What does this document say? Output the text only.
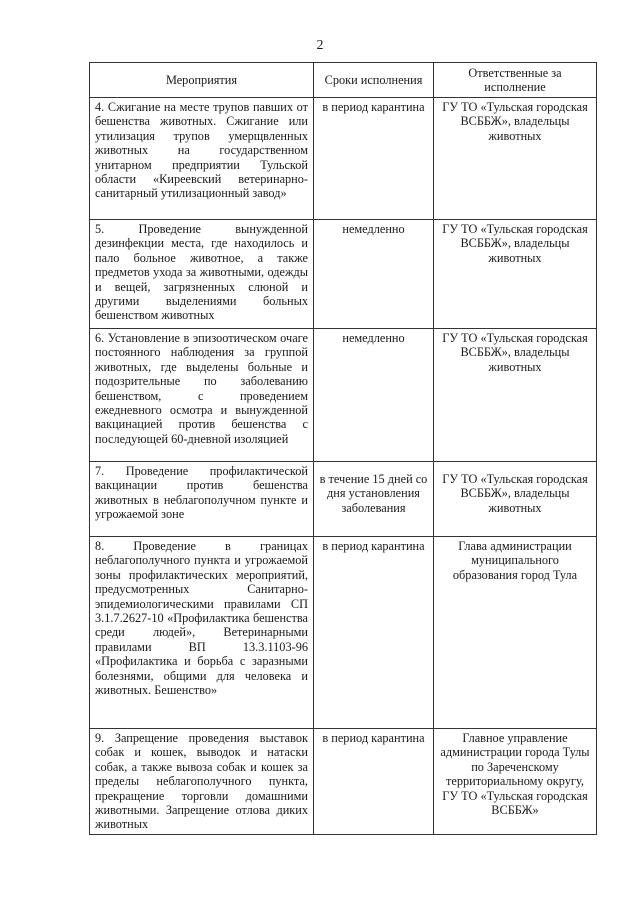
2
Мероприятия	Сроки исполнения	Ответственные за исполнение
4. Сжигание на месте трупов павших от бешенства животных. Сжигание или утилизация трупов умерщвленных животных на государственном унитарном предприятии Тульской области «Киреевский ветеринарно-санитарный утилизационный завод»	в период карантина	ГУ ТО «Тульская городская ВСББЖ», владельцы животных
5. Проведение вынужденной дезинфекции места, где находилось и пало больное животное, а также предметов ухода за животными, одежды и вещей, загрязненных слюной и другими выделениями больных бешенством животных	немедленно	ГУ ТО «Тульская городская ВСББЖ», владельцы животных
6. Установление в эпизоотическом очаге постоянного наблюдения за группой животных, где выделены больные и подозрительные по заболеванию бешенством, с проведением ежедневного осмотра и вынужденной вакцинацией против бешенства с последующей 60-дневной изоляцией	немедленно	ГУ ТО «Тульская городская ВСББЖ», владельцы животных
7. Проведение профилактической вакцинации против бешенства животных в неблагополучном пункте и угрожаемой зоне	в течение 15 дней со дня установления заболевания	ГУ ТО «Тульская городская ВСББЖ», владельцы животных
8. Проведение в границах неблагополучного пункта и угрожаемой зоны профилактических мероприятий, предусмотренных Санитарно-эпидемиологическими правилами СП 3.1.7.2627-10 «Профилактика бешенства среди людей», Ветеринарными правилами ВП 13.3.1103-96 «Профилактика и борьба с заразными болезнями, общими для человека и животных. Бешенство»	в период карантина	Глава администрации муниципального образования город Тула
9. Запрещение проведения выставок собак и кошек, выводок и натаски собак, а также вывоза собак и кошек за пределы неблагополучного пункта, прекращение торговли домашними животными. Запрещение отлова диких животных	в период карантина	Главное управление администрации города Тулы по Зареченскому территориальному округу, ГУ ТО «Тульская городская ВСББЖ»
